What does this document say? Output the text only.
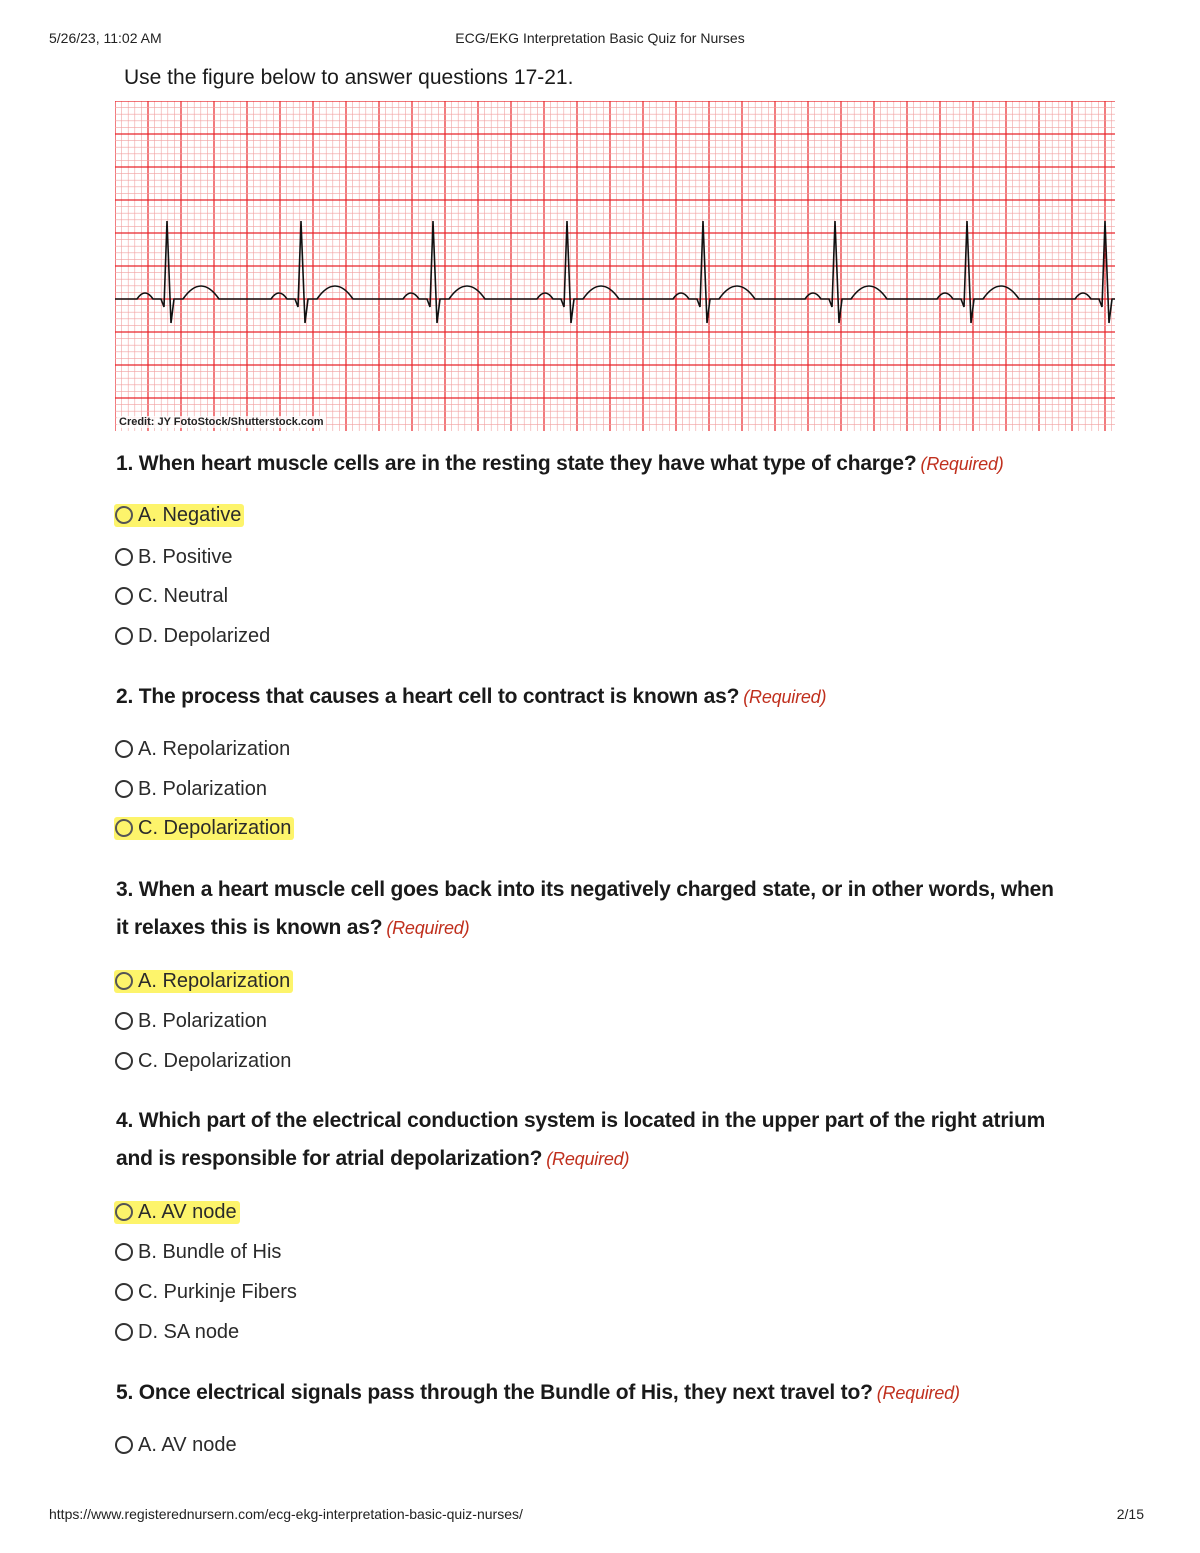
5/26/23, 11:02 AM	ECG/EKG Interpretation Basic Quiz for Nurses
Use the figure below to answer questions 17-21.
Credit: JY FotoStock/Shutterstock.com
1. When heart muscle cells are in the resting state they have what type of charge? (Required)
A. Negative
B. Positive
C. Neutral
D. Depolarized
2. The process that causes a heart cell to contract is known as? (Required)
A. Repolarization
B. Polarization
C. Depolarization
3. When a heart muscle cell goes back into its negatively charged state, or in other words, when
it relaxes this is known as? (Required)
A. Repolarization
B. Polarization
C. Depolarization
4. Which part of the electrical conduction system is located in the upper part of the right atrium
and is responsible for atrial depolarization? (Required)
A. AV node
B. Bundle of His
C. Purkinje Fibers
D. SA node
5. Once electrical signals pass through the Bundle of His, they next travel to? (Required)
A. AV node
https://www.registerednursern.com/ecg-ekg-interpretation-basic-quiz-nurses/	2/15
